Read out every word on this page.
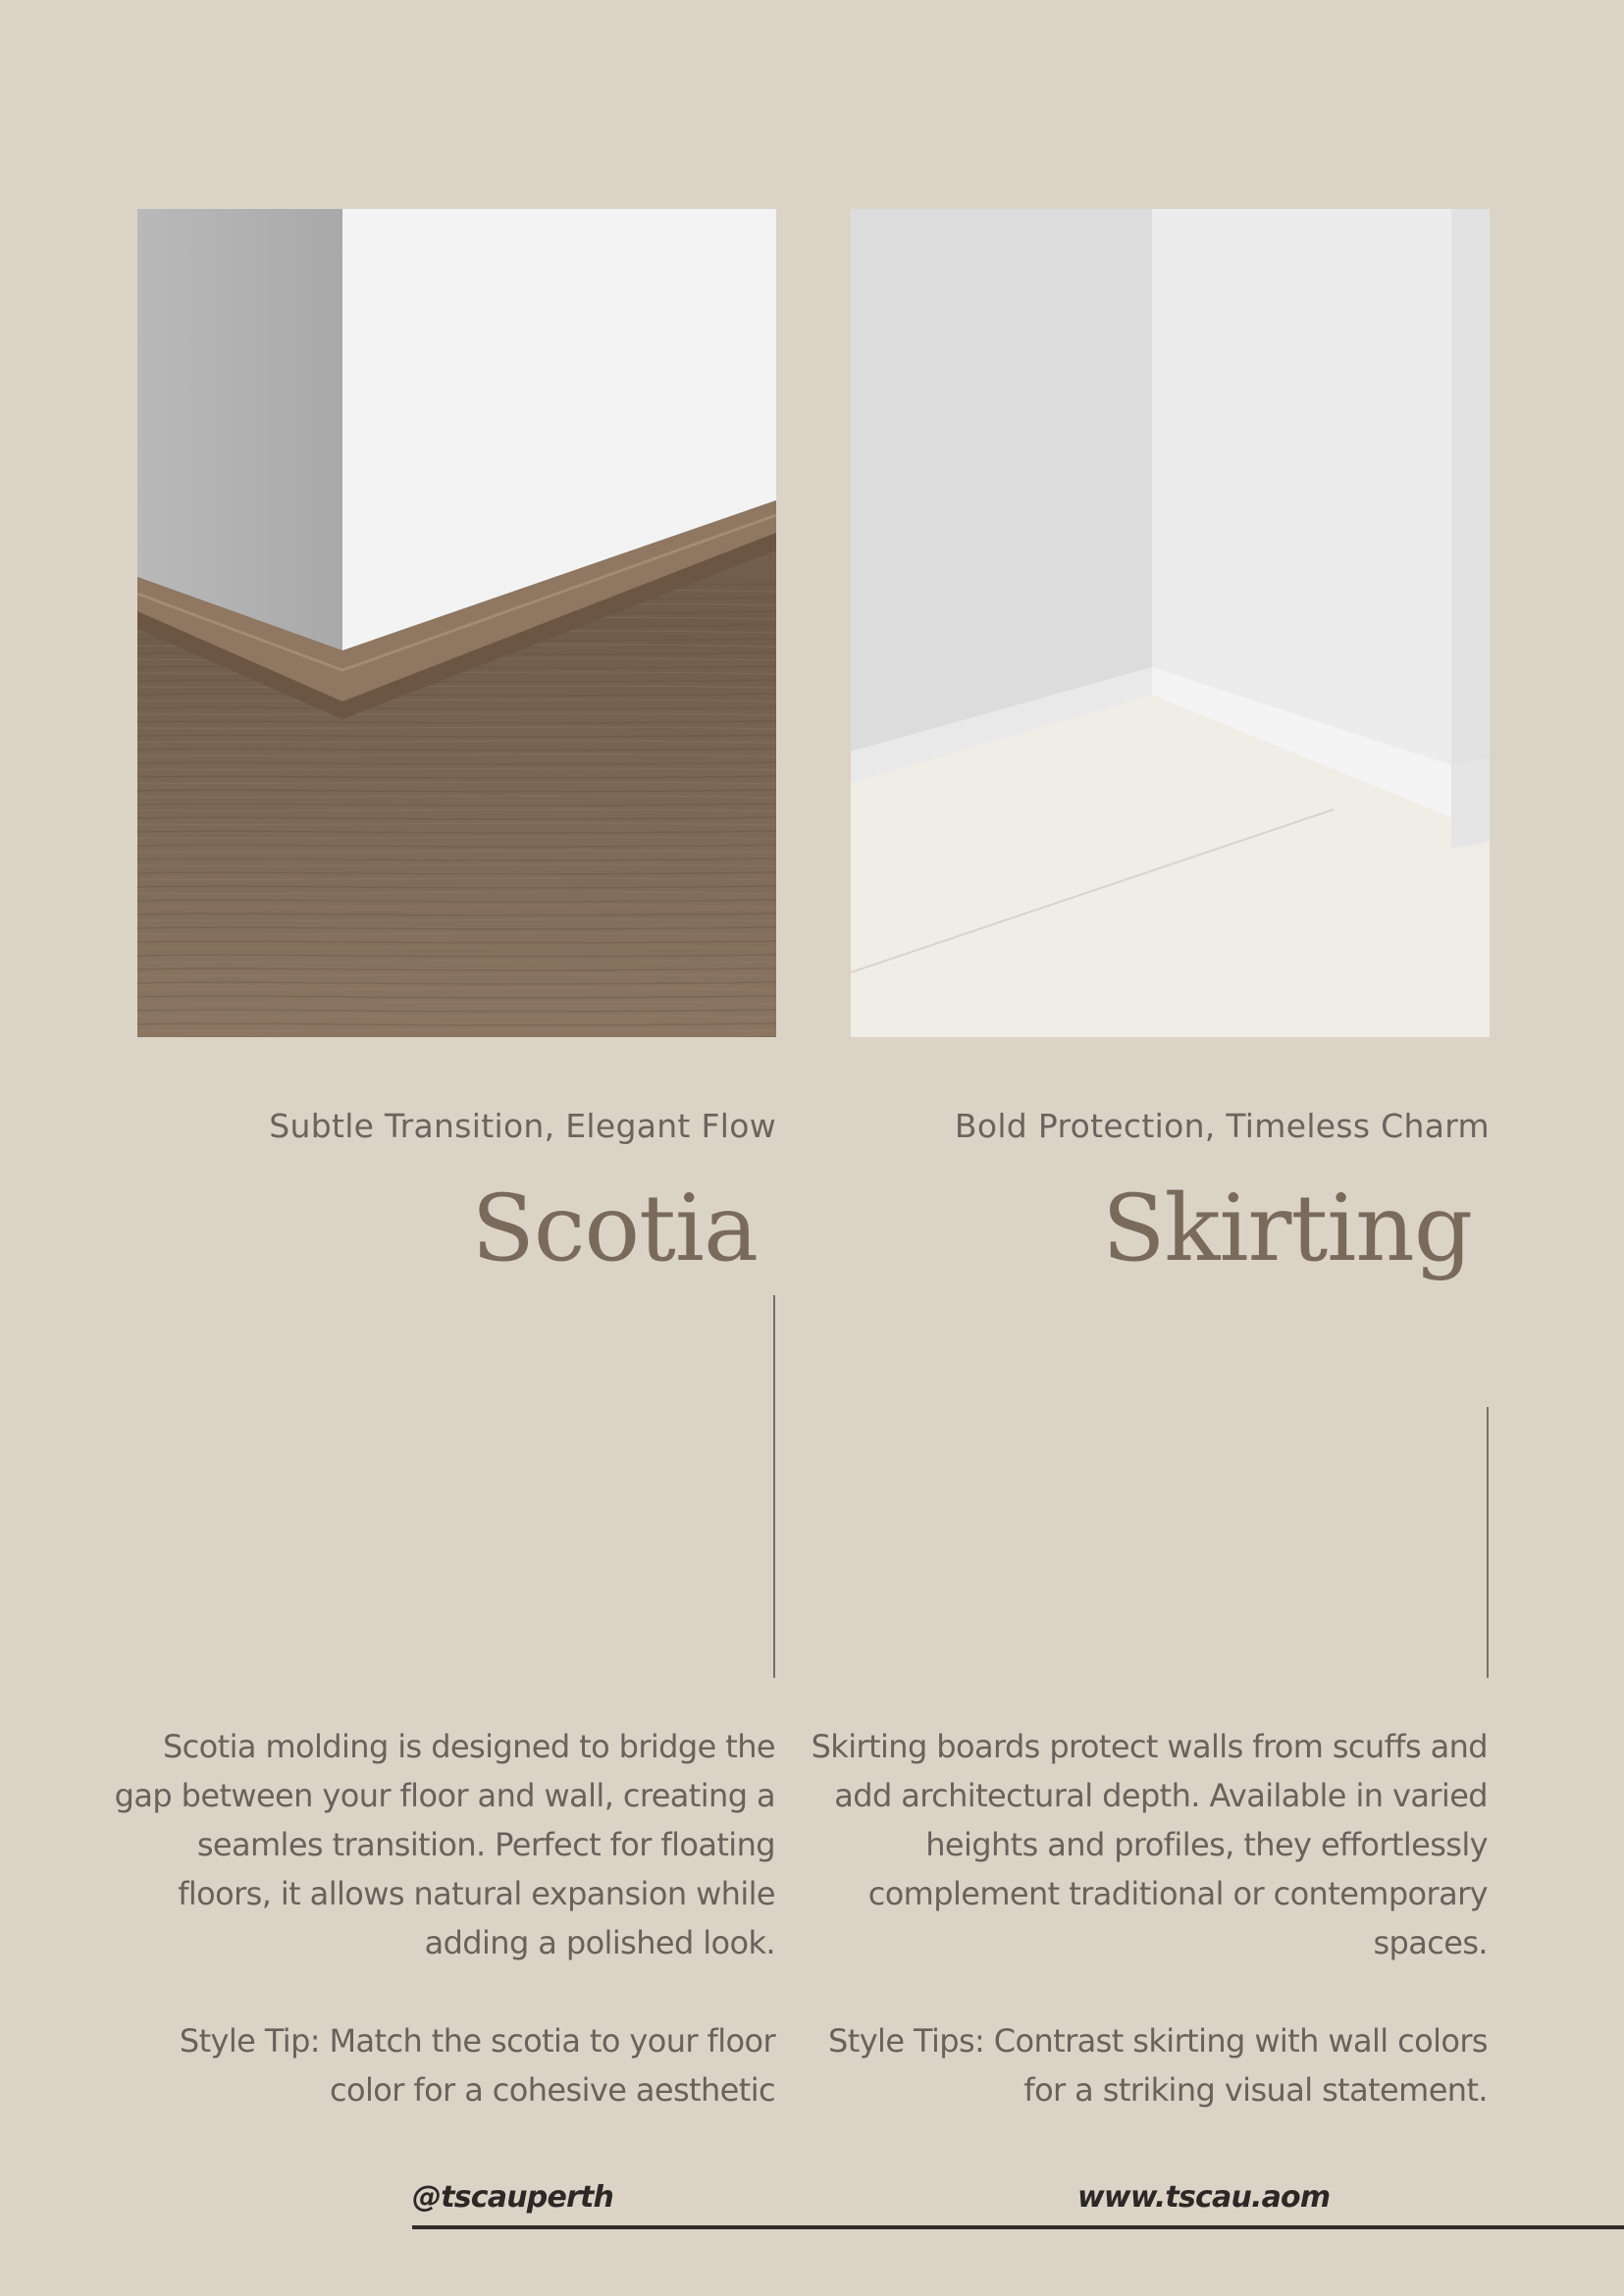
Subtle Transition, Elegant Flow	Bold Protection, Timeless Charm
Scotia	Skirting

Scotia molding is designed to bridge the gap between your floor and wall, creating a seamles transition. Perfect for floating floors, it allows natural expansion while adding a polished look.

Skirting boards protect walls from scuffs and add architectural depth. Available in varied heights and profiles, they effortlessly complement traditional or contemporary spaces.

Style Tip: Match the scotia to your floor color for a cohesive aesthetic

Style Tips: Contrast skirting with wall colors for a striking visual statement.

@tscauperth	www.tscau.aom
